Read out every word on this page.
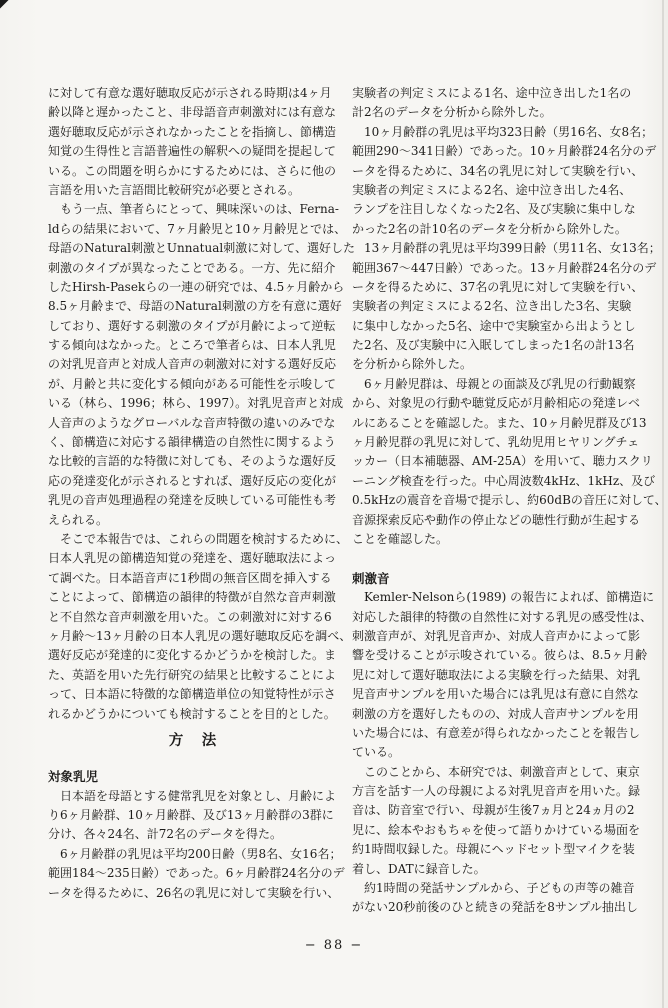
に対して有意な選好聴取反応が示される時期は4ヶ月
齢以降と遅かったこと、非母語音声刺激対には有意な
選好聴取反応が示されなかったことを指摘し、節構造
知覚の生得性と言語普遍性の解釈への疑問を提起して
いる。この問題を明らかにするためには、さらに他の
言語を用いた言語間比較研究が必要とされる。
　もう一点、筆者らにとって、興味深いのは、Ferna-
ldらの結果において、7ヶ月齢児と10ヶ月齢児とでは、
母語のNatural刺激とUnnatual刺激に対して、選好した
刺激のタイプが異なったことである。一方、先に紹介
したHirsh-Pasekらの一連の研究では、4.5ヶ月齢から
8.5ヶ月齢まで、母語のNatural刺激の方を有意に選好
しており、選好する刺激のタイプが月齢によって逆転
する傾向はなかった。ところで筆者らは、日本人乳児
の対乳児音声と対成人音声の刺激対に対する選好反応
が、月齢と共に変化する傾向がある可能性を示唆して
いる（林ら、1996；林ら、1997）。対乳児音声と対成
人音声のようなグローバルな音声特徴の違いのみでな
く、節構造に対応する韻律構造の自然性に関するよう
な比較的言語的な特徴に対しても、そのような選好反
応の発達変化が示されるとすれば、選好反応の変化が
乳児の音声処理過程の発達を反映している可能性も考
えられる。
　そこで本報告では、これらの問題を検討するために、
日本人乳児の節構造知覚の発達を、選好聴取法によっ
て調べた。日本語音声に1秒間の無音区間を挿入する
ことによって、節構造の韻律的特徴が自然な音声刺激
と不自然な音声刺激を用いた。この刺激対に対する6
ヶ月齢～13ヶ月齢の日本人乳児の選好聴取反応を調べ、
選好反応が発達的に変化するかどうかを検討した。ま
た、英語を用いた先行研究の結果と比較することによ
って、日本語に特徴的な節構造単位の知覚特性が示さ
れるかどうかについても検討することを目的とした。
方　法
対象乳児
　日本語を母語とする健常乳児を対象とし、月齢によ
り6ヶ月齢群、10ヶ月齢群、及び13ヶ月齢群の3群に
分け、各々24名、計72名のデータを得た。
　6ヶ月齢群の乳児は平均200日齢（男8名、女16名；
範囲184～235日齢）であった。6ヶ月齢群24名分のデ
ータを得るために、26名の乳児に対して実験を行い、
実験者の判定ミスによる1名、途中泣き出した1名の
計2名のデータを分析から除外した。
　10ヶ月齢群の乳児は平均323日齢（男16名、女8名；
範囲290～341日齢）であった。10ヶ月齢群24名分のデ
ータを得るために、34名の乳児に対して実験を行い、
実験者の判定ミスによる2名、途中泣き出した4名、
ランプを注目しなくなった2名、及び実験に集中しな
かった2名の計10名のデータを分析から除外した。
　13ヶ月齢群の乳児は平均399日齢（男11名、女13名；
範囲367～447日齢）であった。13ヶ月齢群24名分のデ
ータを得るために、37名の乳児に対して実験を行い、
実験者の判定ミスによる2名、泣き出した3名、実験
に集中しなかった5名、途中で実験室から出ようとし
た2名、及び実験中に入眠してしまった1名の計13名
を分析から除外した。
　6ヶ月齢児群は、母親との面談及び乳児の行動観察
から、対象児の行動や聴覚反応が月齢相応の発達レベ
ルにあることを確認した。また、10ヶ月齢児群及び13
ヶ月齢児群の乳児に対して、乳幼児用ヒヤリングチェ
ッカー（日本補聴器、AM-25A）を用いて、聴力スクリ
ーニング検査を行った。中心周波数4kHz、1kHz、及び
0.5kHzの震音を音場で提示し、約60dBの音圧に対して、
音源探索反応や動作の停止などの聴性行動が生起する
ことを確認した。
刺激音
　Kemler-Nelsonら(1989) の報告によれば、節構造に
対応した韻律的特徴の自然性に対する乳児の感受性は、
刺激音声が、対乳児音声か、対成人音声かによって影
響を受けることが示唆されている。彼らは、8.5ヶ月齢
児に対して選好聴取法による実験を行った結果、対乳
児音声サンプルを用いた場合には乳児は有意に自然な
刺激の方を選好したものの、対成人音声サンプルを用
いた場合には、有意差が得られなかったことを報告し
ている。
　このことから、本研究では、刺激音声として、東京
方言を話す一人の母親による対乳児音声を用いた。録
音は、防音室で行い、母親が生後7ヵ月と24ヵ月の2
児に、絵本やおもちゃを使って語りかけている場面を
約1時間収録した。母親にヘッドセット型マイクを装
着し、DATに録音した。
　約1時間の発話サンプルから、子どもの声等の雑音
がない20秒前後のひと続きの発話を8サンプル抽出し
− 88 −
